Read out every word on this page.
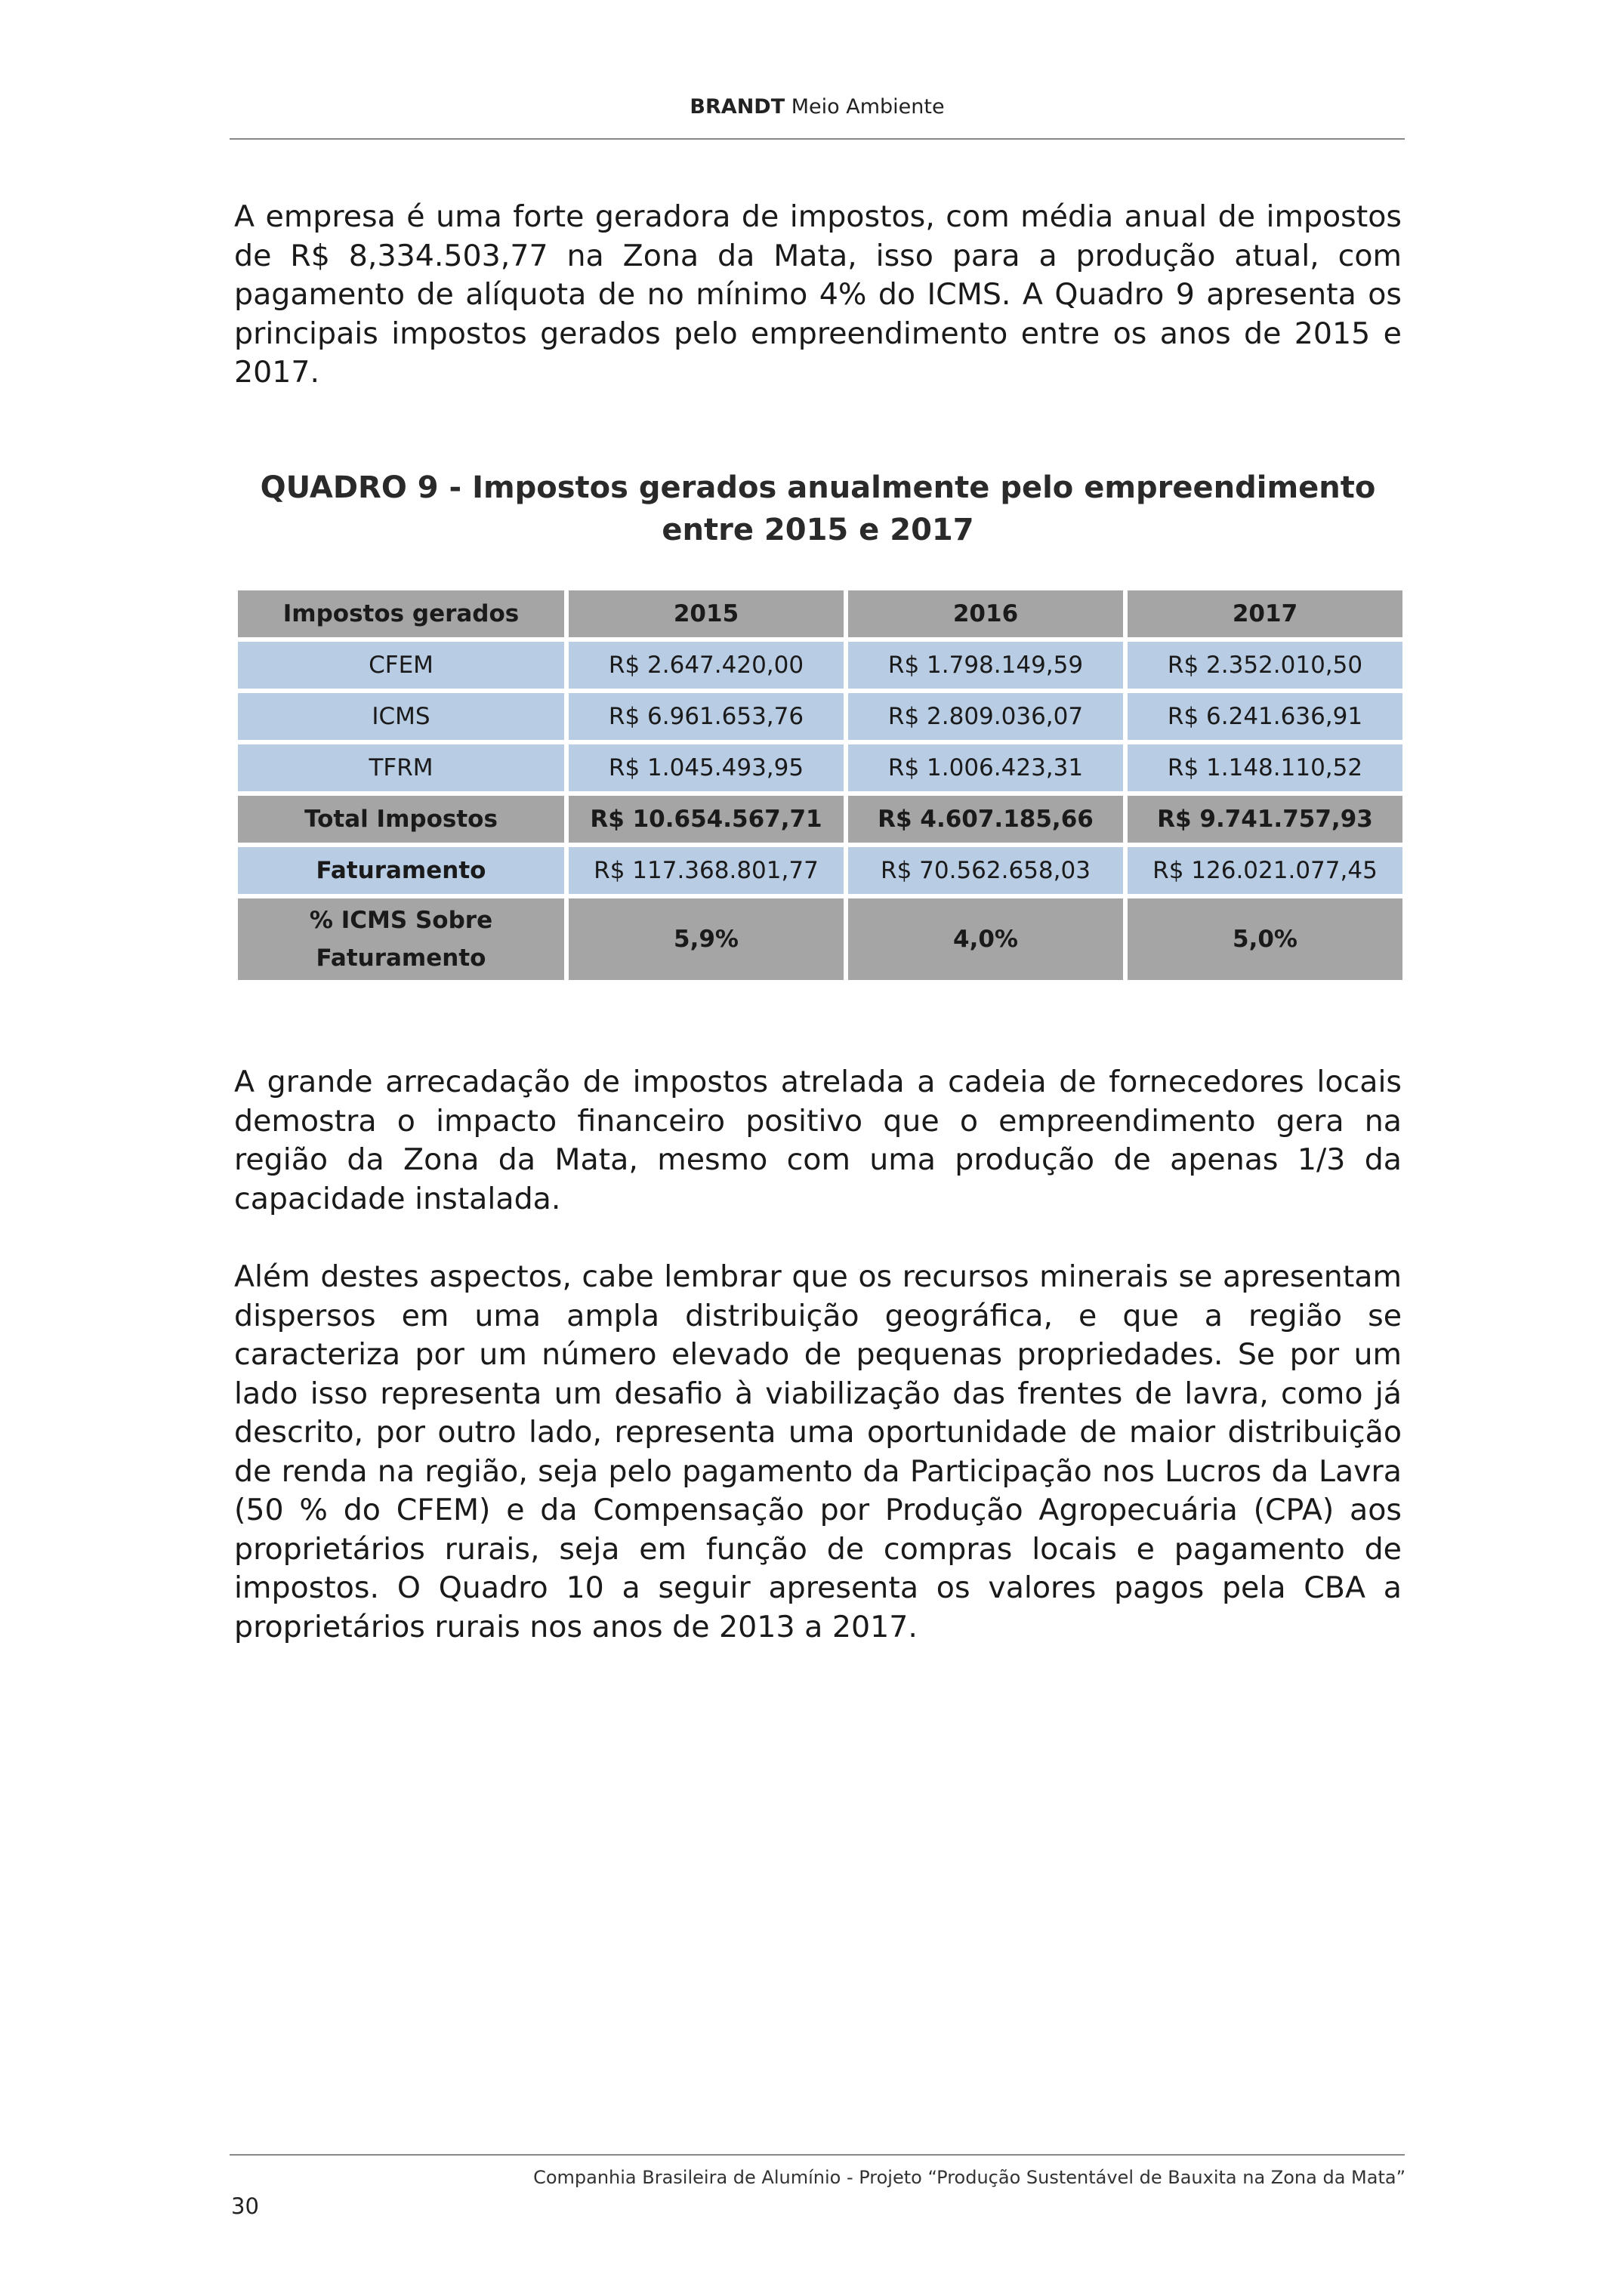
BRANDT Meio Ambiente

A empresa é uma forte geradora de impostos, com média anual de impostos de R$ 8,334.503,77 na Zona da Mata, isso para a produção atual, com pagamento de alíquota de no mínimo 4% do ICMS. A Quadro 9 apresenta os principais impostos gerados pelo empreendimento entre os anos de 2015 e 2017.

QUADRO 9 - Impostos gerados anualmente pelo empreendimento entre 2015 e 2017
Impostos gerados	2015	2016	2017
CFEM	R$ 2.647.420,00	R$ 1.798.149,59	R$ 2.352.010,50
ICMS	R$ 6.961.653,76	R$ 2.809.036,07	R$ 6.241.636,91
TFRM	R$ 1.045.493,95	R$ 1.006.423,31	R$ 1.148.110,52
Total Impostos	R$ 10.654.567,71	R$ 4.607.185,66	R$ 9.741.757,93
Faturamento	R$ 117.368.801,77	R$ 70.562.658,03	R$ 126.021.077,45
% ICMS Sobre Faturamento	5,9%	4,0%	5,0%

A grande arrecadação de impostos atrelada a cadeia de fornecedores locais demostra o impacto financeiro positivo que o empreendimento gera na região da Zona da Mata, mesmo com uma produção de apenas 1/3 da capacidade instalada.

Além destes aspectos, cabe lembrar que os recursos minerais se apresentam dispersos em uma ampla distribuição geográfica, e que a região se caracteriza por um número elevado de pequenas propriedades. Se por um lado isso representa um desafio à viabilização das frentes de lavra, como já descrito, por outro lado, representa uma oportunidade de maior distribuição de renda na região, seja pelo pagamento da Participação nos Lucros da Lavra (50 % do CFEM) e da Compensação por Produção Agropecuária (CPA) aos proprietários rurais, seja em função de compras locais e pagamento de impostos. O Quadro 10 a seguir apresenta os valores pagos pela CBA a proprietários rurais nos anos de 2013 a 2017.

Companhia Brasileira de Alumínio - Projeto “Produção Sustentável de Bauxita na Zona da Mata”
30
